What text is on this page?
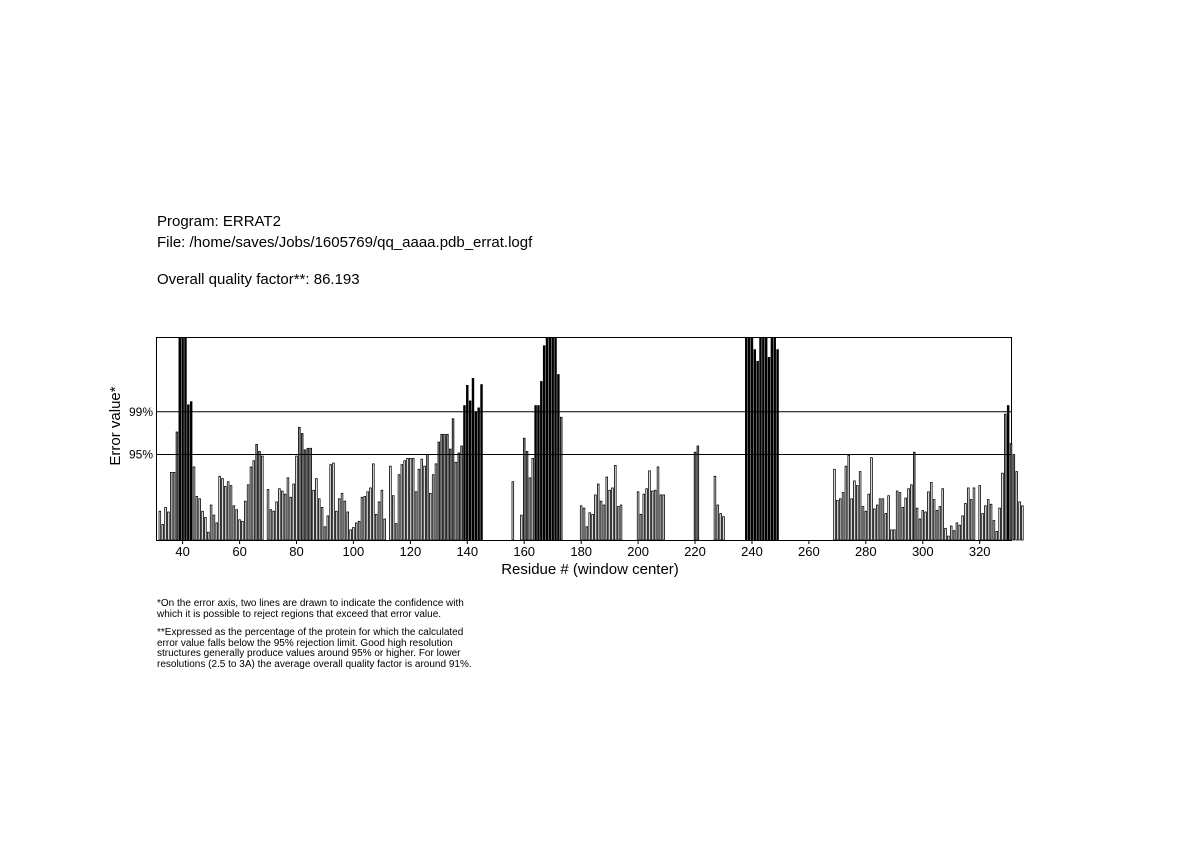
Program: ERRAT2
File: /home/saves/Jobs/1605769/qq_aaaa.pdb_errat.logf
Overall quality factor**: 86.193
95%
99%
40	60	80	100	120	140	160	180	200	220	240	260	280	300	320
Residue # (window center)
Error value*
*On the error axis, two lines are drawn to indicate the confidence with
which it is possible to reject regions that exceed that error value.
**Expressed as the percentage of the protein for which the calculated
error value falls below the 95% rejection limit. Good high resolution
structures generally produce values around 95% or higher. For lower
resolutions (2.5 to 3A) the average overall quality factor is around 91%.
